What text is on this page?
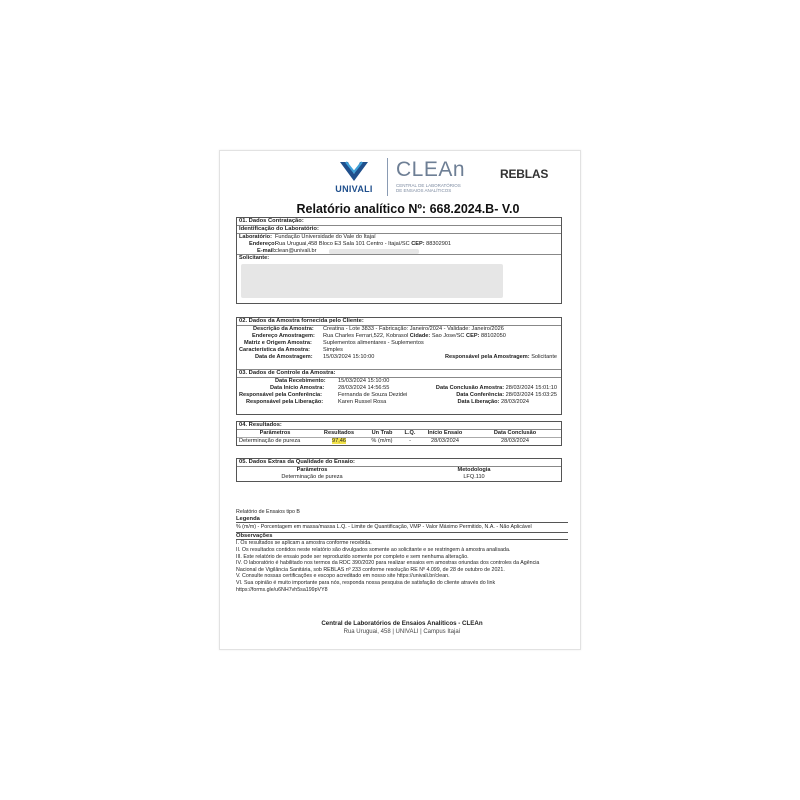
UNIVALI
CLEAn
CENTRAL DE LABORATÓRIOS DE ENSAIOS ANALÍTICOS
REBLAS
Relatório analítico Nº: 668.2024.B- V.0
01. Dados Contratação:
Identificação do Laboratório:
Laboratório: Fundação Universidade do Vale do Itajaí
Endereço:
Rua Uruguai,458 Bloco E3 Sala 101 Centro - Itajaí/SC CEP: 88302901
E-mail: clean@univali.br
Solicitante:
02. Dados da Amostra fornecida pelo Cliente:
Descrição da Amostra: Creatina - Lote 3833 - Fabricação: Janeiro/2024 - Validade: Janeiro/2026
Endereço Amostragem: Rua Charles Ferrari,522, Kobrasol Cidade: Sao Jose/SC CEP: 88102050
Matriz e Origem Amostra: Suplementos alimentares - Suplementos
Característica da Amostra: Simples
Data de Amostragem: 15/03/2024 15:10:00	Responsável pela Amostragem: Solicitante
03. Dados de Controle da Amostra:
Data Recebimento: 15/03/2024 15:10:00
Data Início Amostra: 28/03/2024 14:56:55	Data Conclusão Amostra: 28/03/2024 15:01:10
Responsável pela Conferência:	Fernanda de Souza Dezidei	Data Conferência: 28/03/2024 15:03:25
Responsável pela Liberação:	Karen Russel Rosa	Data Liberação: 28/03/2024
04. Resultados:
Parâmetros	Resultados	Un Trab	L.Q.	Início Ensaio	Data Conclusão
Determinação de pureza	97,46	% (m/m)	-	28/03/2024	28/03/2024
05. Dados Extras da Qualidade do Ensaio:
Parâmetros	Metodologia
Determinação de pureza	LFQ.110
Relatório de Ensaios tipo B
Legenda
% (m/m) - Porcentagem em massa/massa L.Q. - Limite de Quantificação, VMP - Valor Máximo Permitido, N.A. - Não Aplicável
Observações
I. Os resultados se aplicam a amostra conforme recebida.
II. Os resultados contidos neste relatório são divulgados somente ao solicitante e se restringem à amostra analisada.
III. Este relatório de ensaio pode ser reproduzido somente por completo e sem nenhuma alteração.
IV. O laboratório é habilitado nos termos da RDC 390/2020 para realizar ensaios em amostras oriundas dos controles da Agência
Nacional de Vigilância Sanitária, sob REBLAS nº 233 conforme resolução RE Nº 4.099, de 28 de outubro de 2021.
V. Consulte nossas certificações e escopo acreditado em nosso site https://univali.br/clean.
VI. Sua opinião é muito importante para nós, responda nossa pesquisa de satisfação do cliente através do link
https://forms.gle/u6NH7vh5sa199pVY8
Central de Laboratórios de Ensaios Analíticos - CLEAn
Rua Uruguai, 458 | UNIVALI | Campus Itajaí
